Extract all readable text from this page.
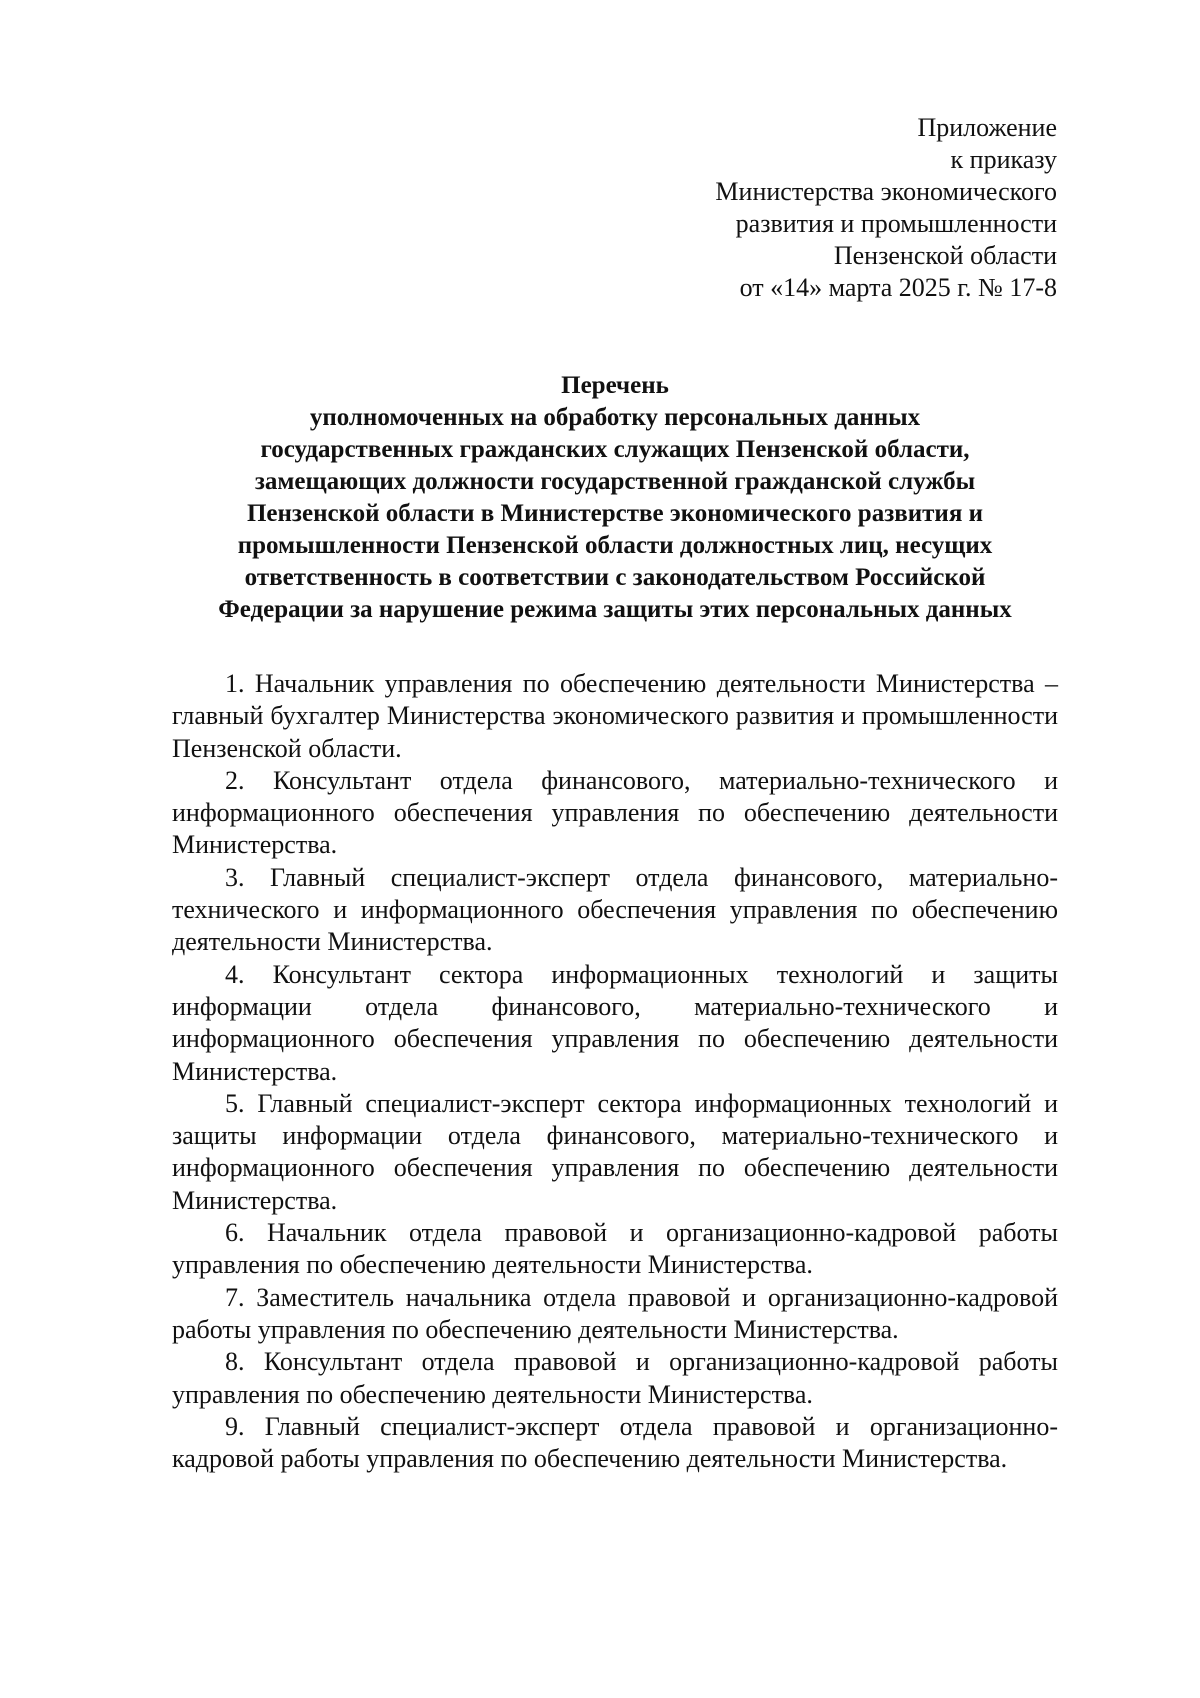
Приложение
к приказу
Министерства экономического
развития и промышленности
Пензенской области
от «14» марта 2025 г. № 17-8
Перечень
уполномоченных на обработку персональных данных
государственных гражданских служащих Пензенской области,
замещающих должности государственной гражданской службы
Пензенской области в Министерстве экономического развития и
промышленности Пензенской области должностных лиц, несущих
ответственность в соответствии с законодательством Российской
Федерации за нарушение режима защиты этих персональных данных

1. Начальник управления по обеспечению деятельности Министерства – главный бухгалтер Министерства экономического развития и промышленности Пензенской области.

2. Консультант отдела финансового, материально-технического и информационного обеспечения управления по обеспечению деятельности Министерства.

3. Главный специалист-эксперт отдела финансового, материально-технического и информационного обеспечения управления по обеспечению деятельности Министерства.

4. Консультант сектора информационных технологий и защиты информации отдела финансового, материально-технического и информационного обеспечения управления по обеспечению деятельности Министерства.

5. Главный специалист-эксперт сектора информационных технологий и защиты информации отдела финансового, материально-технического и информационного обеспечения управления по обеспечению деятельности Министерства.

6. Начальник отдела правовой и организационно-кадровой работы управления по обеспечению деятельности Министерства.

7. Заместитель начальника отдела правовой и организационно-кадровой работы управления по обеспечению деятельности Министерства.

8. Консультант отдела правовой и организационно-кадровой работы управления по обеспечению деятельности Министерства.

9. Главный специалист-эксперт отдела правовой и организационно-кадровой работы управления по обеспечению деятельности Министерства.
